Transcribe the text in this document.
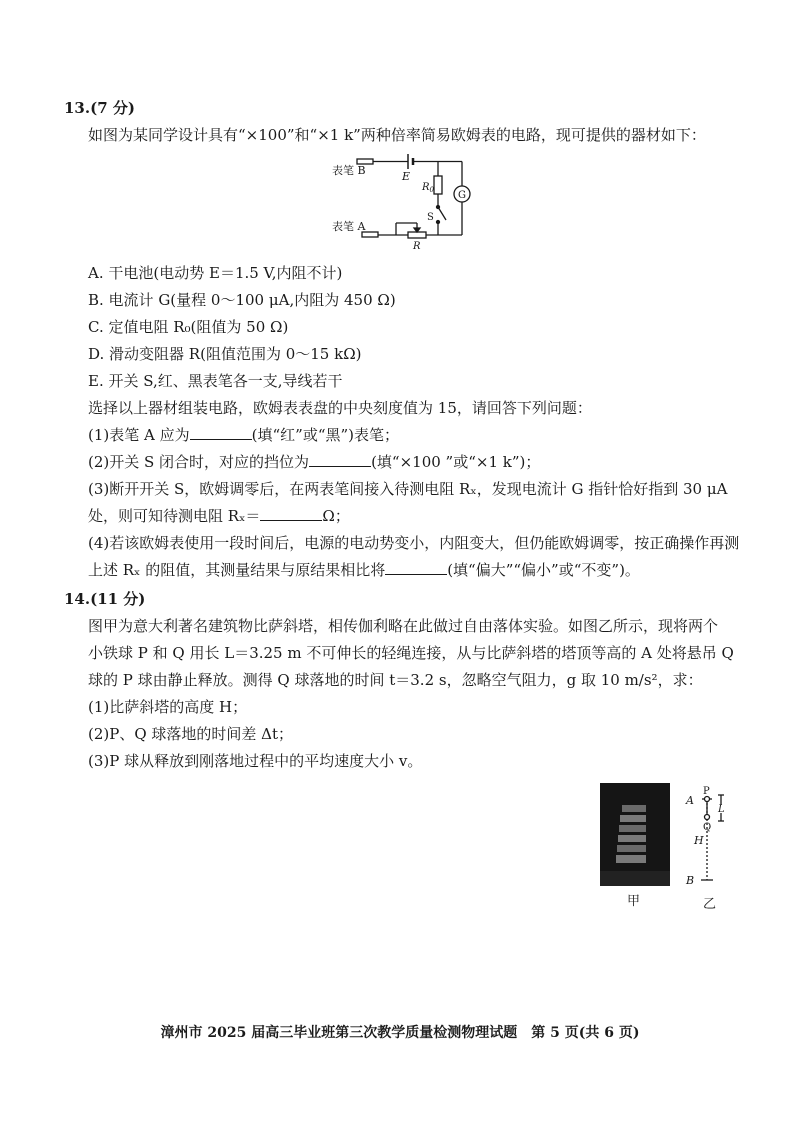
13.(7 分)
如图为某同学设计具有“×100”和“×1 k”两种倍率简易欧姆表的电路，现可提供的器材如下：
表笔 B	E
$R_0$ G
S
表笔 A
R
A. 干电池(电动势 E＝1.5 V,内阻不计)
B. 电流计 G(量程 0～100 μA,内阻为 450 Ω)
C. 定值电阻 R₀(阻值为 50 Ω)
D. 滑动变阻器 R(阻值范围为 0～15 kΩ)
E. 开关 S,红、黑表笔各一支,导线若干
选择以上器材组装电路，欧姆表表盘的中央刻度值为 15，请回答下列问题：
(1)表笔 A 应为	(填“红”或“黑”)表笔；
(2)开关 S 闭合时，对应的挡位为	(填“×100 ”或“×1 k”)；
(3)断开开关 S，欧姆调零后，在两表笔间接入待测电阻 Rₓ，发现电流计 G 指针恰好指到 30 μA
处，则可知待测电阻 Rₓ＝	Ω；
(4)若该欧姆表使用一段时间后，电源的电动势变小，内阻变大，但仍能欧姆调零，按正确操作再测
上述 Rₓ 的阻值，其测量结果与原结果相比将	(填“偏大”“偏小”或“不变”)。
14.(11 分)
图甲为意大利著名建筑物比萨斜塔，相传伽利略在此做过自由落体实验。如图乙所示，现将两个
小铁球 P 和 Q 用长 L＝3.25 m 不可伸长的轻绳连接，从与比萨斜塔的塔顶等高的 A 处将悬吊 Q
球的 P 球由静止释放。测得 Q 球落地的时间 t＝3.2 s，忽略空气阻力，g 取 10 m/s²，求：
(1)比萨斜塔的高度 H；
(2)P、Q 球落地的时间差 Δt；
(3)P 球从释放到刚落地过程中的平均速度大小 v。
甲
A
P
Q
L
H
B
乙
漳州市 2025 届高三毕业班第三次教学质量检测物理试题　第 5 页(共 6 页)
